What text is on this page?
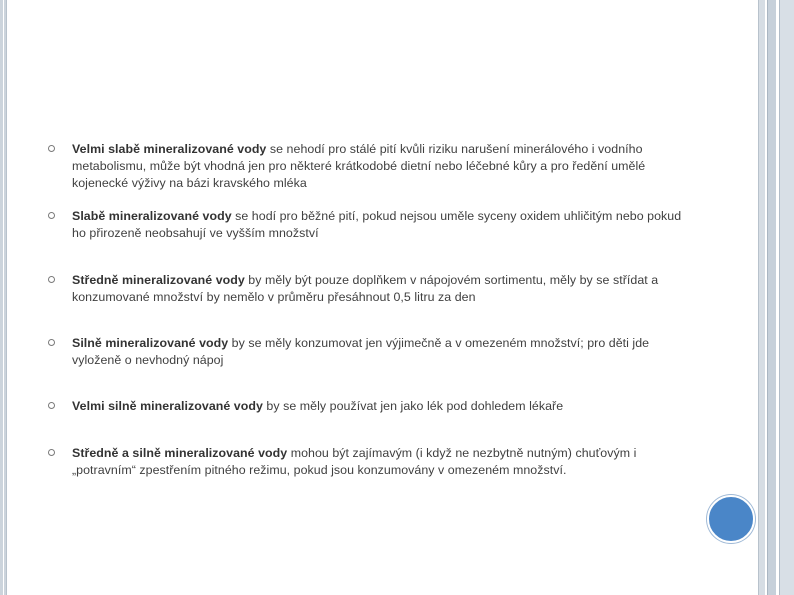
Velmi slabě mineralizované vody se nehodí pro stálé pití kvůli riziku narušení minerálového i vodního metabolismu, může být vhodná jen pro některé krátkodobé dietní nebo léčebné kůry a pro ředění umělé kojenecké výživy na bázi kravského mléka
Slabě mineralizované vody se hodí pro běžné pití, pokud nejsou uměle syceny oxidem uhličitým nebo pokud ho přirozeně neobsahují ve vyšším množství
Středně mineralizované vody by měly být pouze doplňkem v nápojovém sortimentu, měly by se střídat a konzumované množství by nemělo v průměru přesáhnout 0,5 litru za den
Silně mineralizované vody by se měly konzumovat jen výjimečně a v omezeném množství; pro děti jde vyloženě o nevhodný nápoj
Velmi silně mineralizované vody by se měly používat jen jako lék pod dohledem lékaře
Středně a silně mineralizované vody mohou být zajímavým (i když ne nezbytně nutným) chuťovým i „potravním“ zpestřením pitného režimu, pokud jsou konzumovány v omezeném množství.
